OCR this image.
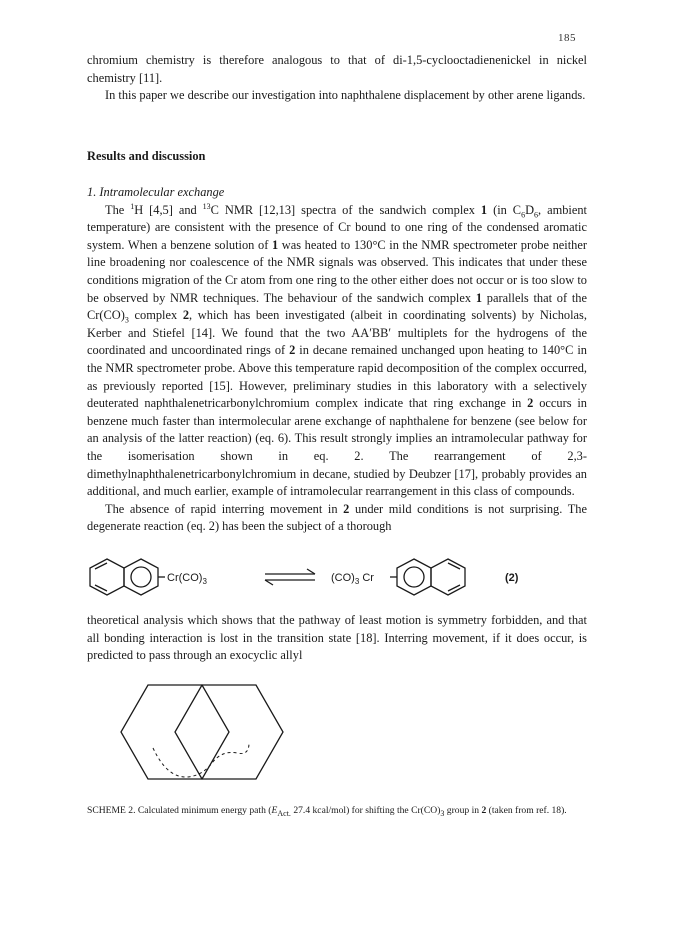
185

chromium chemistry is therefore analogous to that of di-1,5-cyclooctadienenickel in nickel chemistry [11].

In this paper we describe our investigation into naphthalene displacement by other arene ligands.

Results and discussion

1. Intramolecular exchange

The $^1$H [4,5] and $^{13}$C NMR [12,13] spectra of the sandwich complex 1 (in $C_6D_6$, ambient temperature) are consistent with the presence of Cr bound to one ring of the condensed aromatic system. When a benzene solution of 1 was heated to 130°C in the NMR spectrometer probe neither line broadening nor coalescence of the NMR signals was observed. This indicates that under these conditions migration of the Cr atom from one ring to the other either does not occur or is too slow to be observed by NMR techniques. The behaviour of the sandwich complex 1 parallels that of the $Cr(CO)_3$ complex 2, which has been investigated (albeit in coordinating solvents) by Nicholas, Kerber and Stiefel [14]. We found that the two AA′BB′ multiplets for the hydrogens of the coordinated and uncoordinated rings of 2 in decane remained unchanged upon heating to 140°C in the NMR spectrometer probe. Above this temperature rapid decomposition of the complex occurred, as previously reported [15]. However, preliminary studies in this laboratory with a selectively deuterated naphthalenetricarbonylchromium complex indicate that ring exchange in 2 occurs in benzene much faster than intermolecular arene exchange of naphthalene for benzene (see below for an analysis of the latter reaction) (eq. 6). This result strongly implies an intramolecular pathway for the isomerisation shown in eq. 2. The rearrangement of 2,3-dimethylnaphthalenetricarbonylchromium in decane, studied by Deubzer [17], probably provides an additional, and much earlier, example of intramolecular rearrangement in this class of compounds.

The absence of rapid interring movement in 2 under mild conditions is not surprising. The degenerate reaction (eq. 2) has been the subject of a thorough

$Cr(CO)_3$	$(CO)_3$ Cr	(2)

theoretical analysis which shows that the pathway of least motion is symmetry forbidden, and that all bonding interaction is lost in the transition state [18]. Interring movement, if it does occur, is predicted to pass through an exocyclic allyl

SCHEME 2. Calculated minimum energy path ($E_{Act.}$ 27.4 kcal/mol) for shifting the $Cr(CO)_3$ group in 2 (taken from ref. 18).
